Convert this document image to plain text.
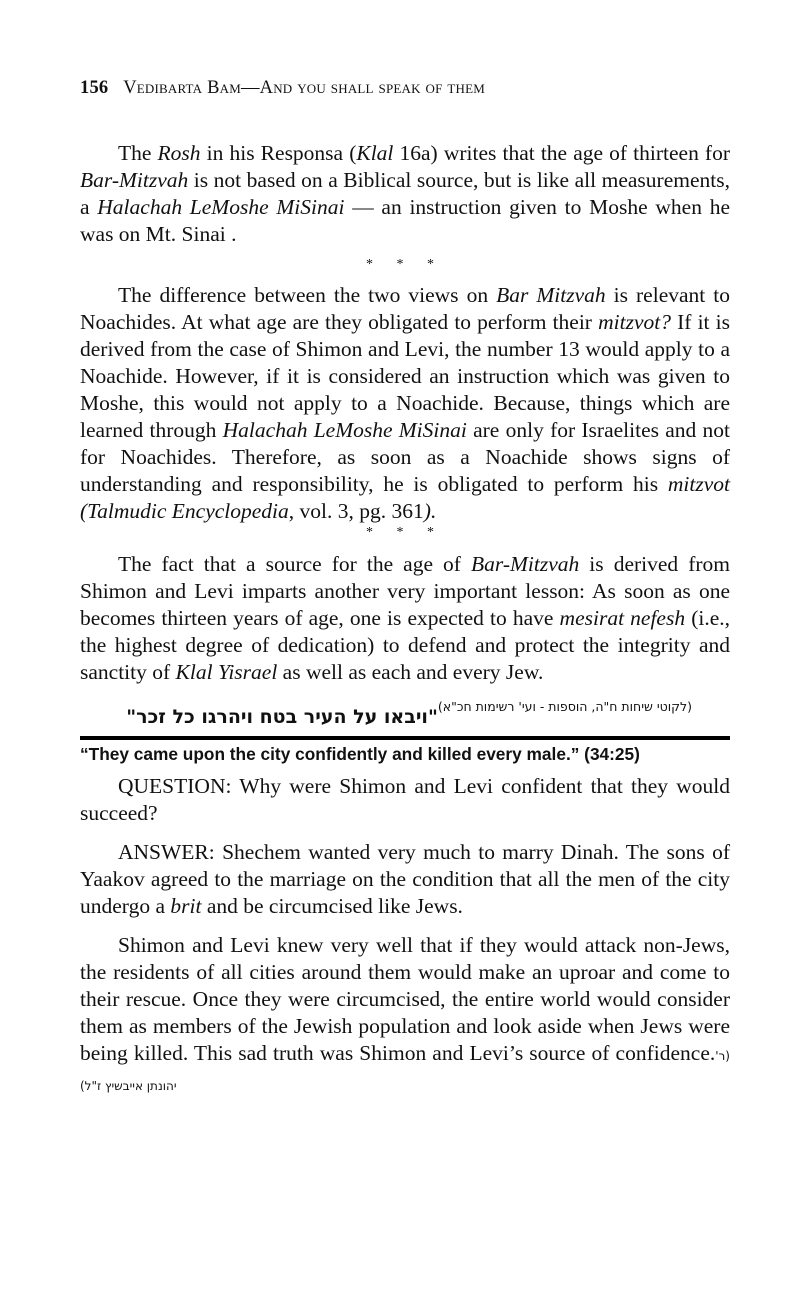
156 Vedibarta Bam—And you shall speak of them

The Rosh in his Responsa (Klal 16a) writes that the age of thirteen for Bar-Mitzvah is not based on a Biblical source, but is like all measurements, a Halachah LeMoshe MiSinai — an instruction given to Moshe when he was on Mt. Sinai .

* * *

The difference between the two views on Bar Mitzvah is relevant to Noachides. At what age are they obligated to perform their mitzvot? If it is derived from the case of Shimon and Levi, the number 13 would apply to a Noachide. However, if it is considered an instruction which was given to Moshe, this would not apply to a Noachide. Because, things which are learned through Halachah LeMoshe MiSinai are only for Israelites and not for Noachides. Therefore, as soon as a Noachide shows signs of understanding and responsibility, he is obligated to perform his mitzvot (Talmudic Encyclopedia, vol. 3, pg. 361).

* * *

The fact that a source for the age of Bar-Mitzvah is derived from Shimon and Levi imparts another very important lesson: As soon as one becomes thirteen years of age, one is expected to have mesirat nefesh (i.e., the highest degree of dedication) to defend and protect the integrity and sanctity of Klal Yisrael as well as each and every Jew.
(לקוטי שיחות ח"ה, הוספות - ועי' רשימות חכ"א)

"ויבאו על העיר בטח ויהרגו כל זכר"
“They came upon the city confidently and killed every male.” (34:25)

QUESTION: Why were Shimon and Levi confident that they would succeed?

ANSWER: Shechem wanted very much to marry Dinah. The sons of Yaakov agreed to the marriage on the condition that all the men of the city undergo a brit and be circumcised like Jews.

Shimon and Levi knew very well that if they would attack non-Jews, the residents of all cities around them would make an uproar and come to their rescue. Once they were circumcised, the entire world would consider them as members of the Jewish population and look aside when Jews were being killed. This sad truth was Shimon and Levi’s source of confidence.(ר' יהונתן אייבשיץ ז"ל)
